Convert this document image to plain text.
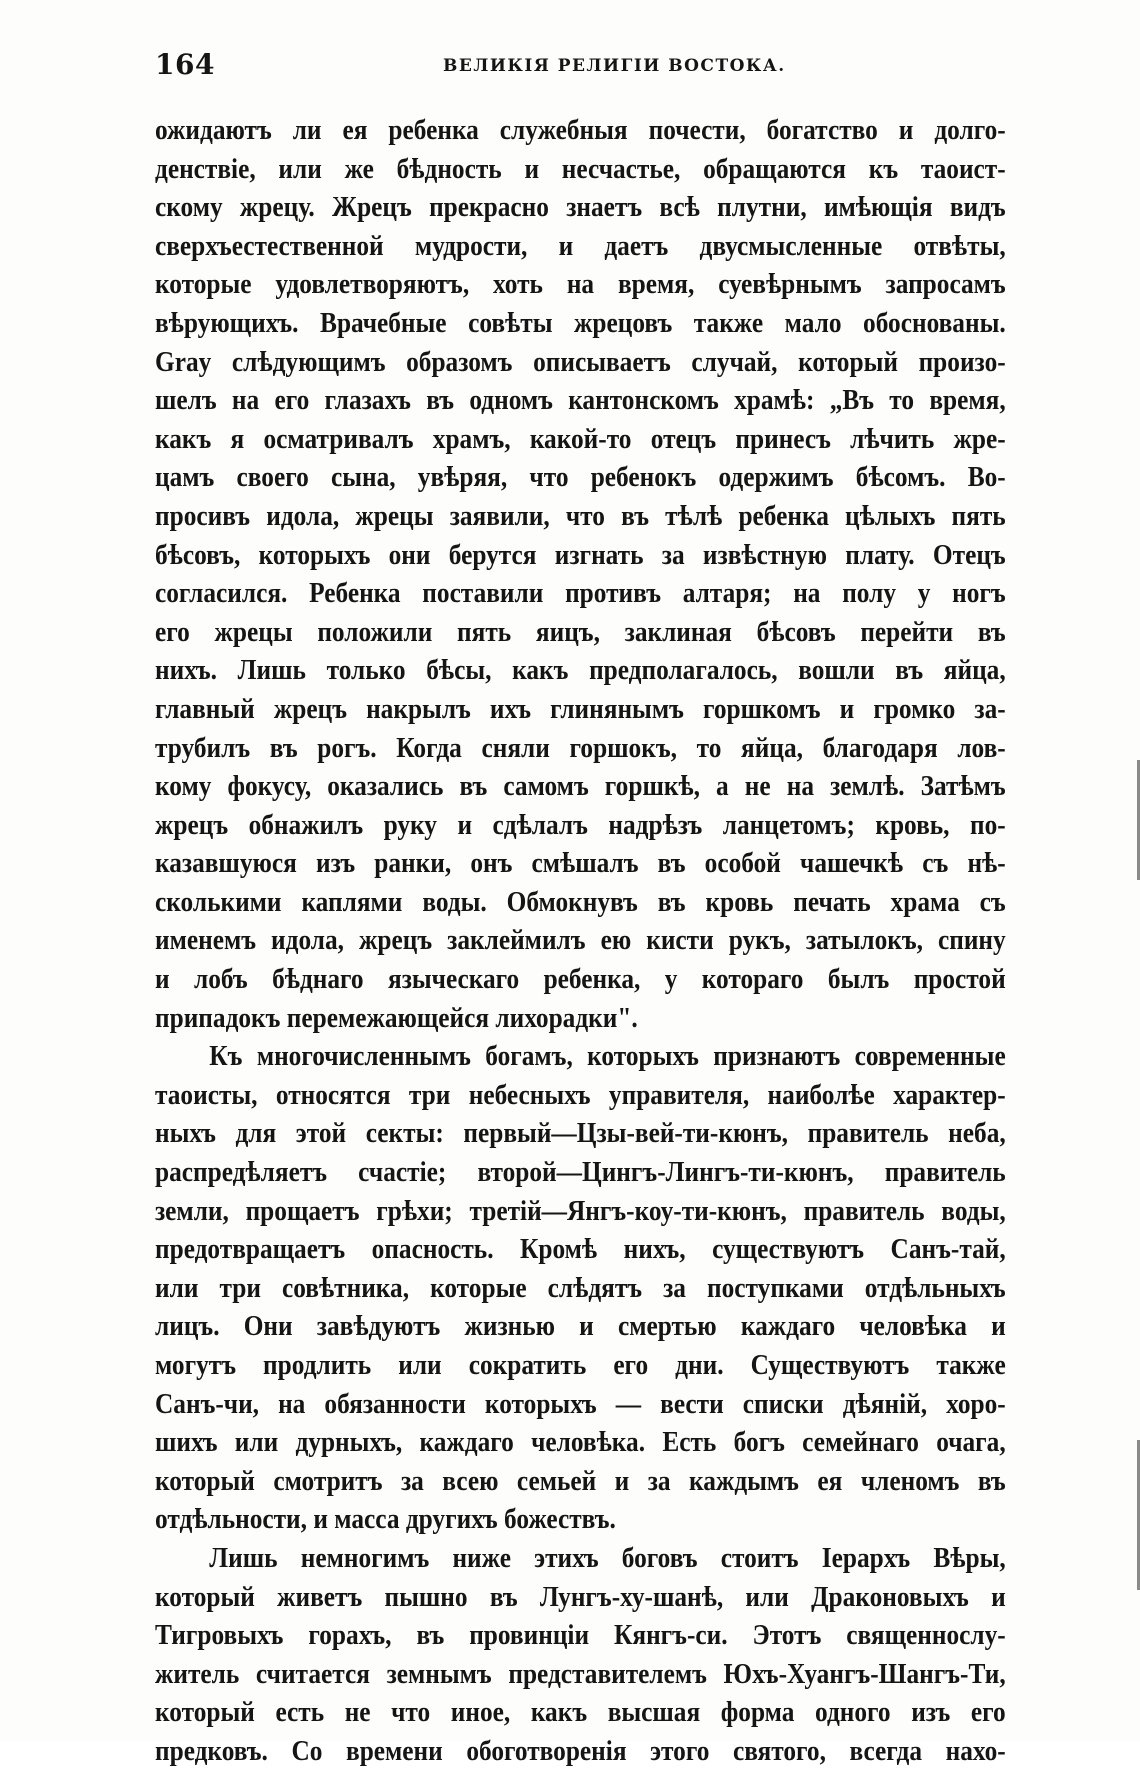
164	ВЕЛИКІЯ РЕЛИГІИ ВОСТОКА.
ожидаютъ ли ея ребенка служебныя почести, богатство и долго-
денствіе, или же бѣдность и несчастье, обращаются къ таоист-
скому жрецу. Жрецъ прекрасно знаетъ всѣ плутни, имѣющія видъ
сверхъестественной мудрости, и даетъ двусмысленные отвѣты,
которые удовлетворяютъ, хоть на время, суевѣрнымъ запросамъ
вѣрующихъ. Врачебные совѣты жрецовъ также мало обоснованы.
Gray слѣдующимъ образомъ описываетъ случай, который произо-
шелъ на его глазахъ въ одномъ кантонскомъ храмѣ: „Въ то время,
какъ я осматривалъ храмъ, какой-то отецъ принесъ лѣчить жре-
цамъ своего сына, увѣряя, что ребенокъ одержимъ бѣсомъ. Во-
просивъ идола, жрецы заявили, что въ тѣлѣ ребенка цѣлыхъ пять
бѣсовъ, которыхъ они берутся изгнать за извѣстную плату. Отецъ
согласился. Ребенка поставили противъ алтаря; на полу у ногъ
его жрецы положили пять яицъ, заклиная бѣсовъ перейти въ
нихъ. Лишь только бѣсы, какъ предполагалось, вошли въ яйца,
главный жрецъ накрылъ ихъ глинянымъ горшкомъ и громко за-
трубилъ въ рогъ. Когда сняли горшокъ, то яйца, благодаря лов-
кому фокусу, оказались въ самомъ горшкѣ, а не на землѣ. Затѣмъ
жрецъ обнажилъ руку и сдѣлалъ надрѣзъ ланцетомъ; кровь, по-
казавшуюся изъ ранки, онъ смѣшалъ въ особой чашечкѣ съ нѣ-
сколькими каплями воды. Обмокнувъ въ кровь печать храма съ
именемъ идола, жрецъ заклеймилъ ею кисти рукъ, затылокъ, спину
и лобъ бѣднаго языческаго ребенка, у котораго былъ простой
припадокъ перемежающейся лихорадки".
Къ многочисленнымъ богамъ, которыхъ признаютъ современные
таоисты, относятся три небесныхъ управителя, наиболѣе характер-
ныхъ для этой секты: первый—Цзы-вей-ти-кюнъ, правитель неба,
распредѣляетъ счастіе; второй—Цингъ-Лингъ-ти-кюнъ, правитель
земли, прощаетъ грѣхи; третій—Янгъ-коу-ти-кюнъ, правитель воды,
предотвращаетъ опасность. Кромѣ нихъ, существуютъ Санъ-тай,
или три совѣтника, которые слѣдятъ за поступками отдѣльныхъ
лицъ. Они завѣдуютъ жизнью и смертью каждаго человѣка и
могутъ продлить или сократить его дни. Существуютъ также
Санъ-чи, на обязанности которыхъ — вести списки дѣяній, хоро-
шихъ или дурныхъ, каждаго человѣка. Есть богъ семейнаго очага,
который смотритъ за всею семьей и за каждымъ ея членомъ въ
отдѣльности, и масса другихъ божествъ.
Лишь немногимъ ниже этихъ боговъ стоитъ Іерархъ Вѣры,
который живетъ пышно въ Лунгъ-ху-шанѣ, или Драконовыхъ и
Тигровыхъ горахъ, въ провинціи Кянгъ-си. Этотъ священнослу-
житель считается земнымъ представителемъ Юхъ-Хуангъ-Шангъ-Ти,
который есть не что иное, какъ высшая форма одного изъ его
предковъ. Со времени обоготворенія этого святого, всегда нахо-
